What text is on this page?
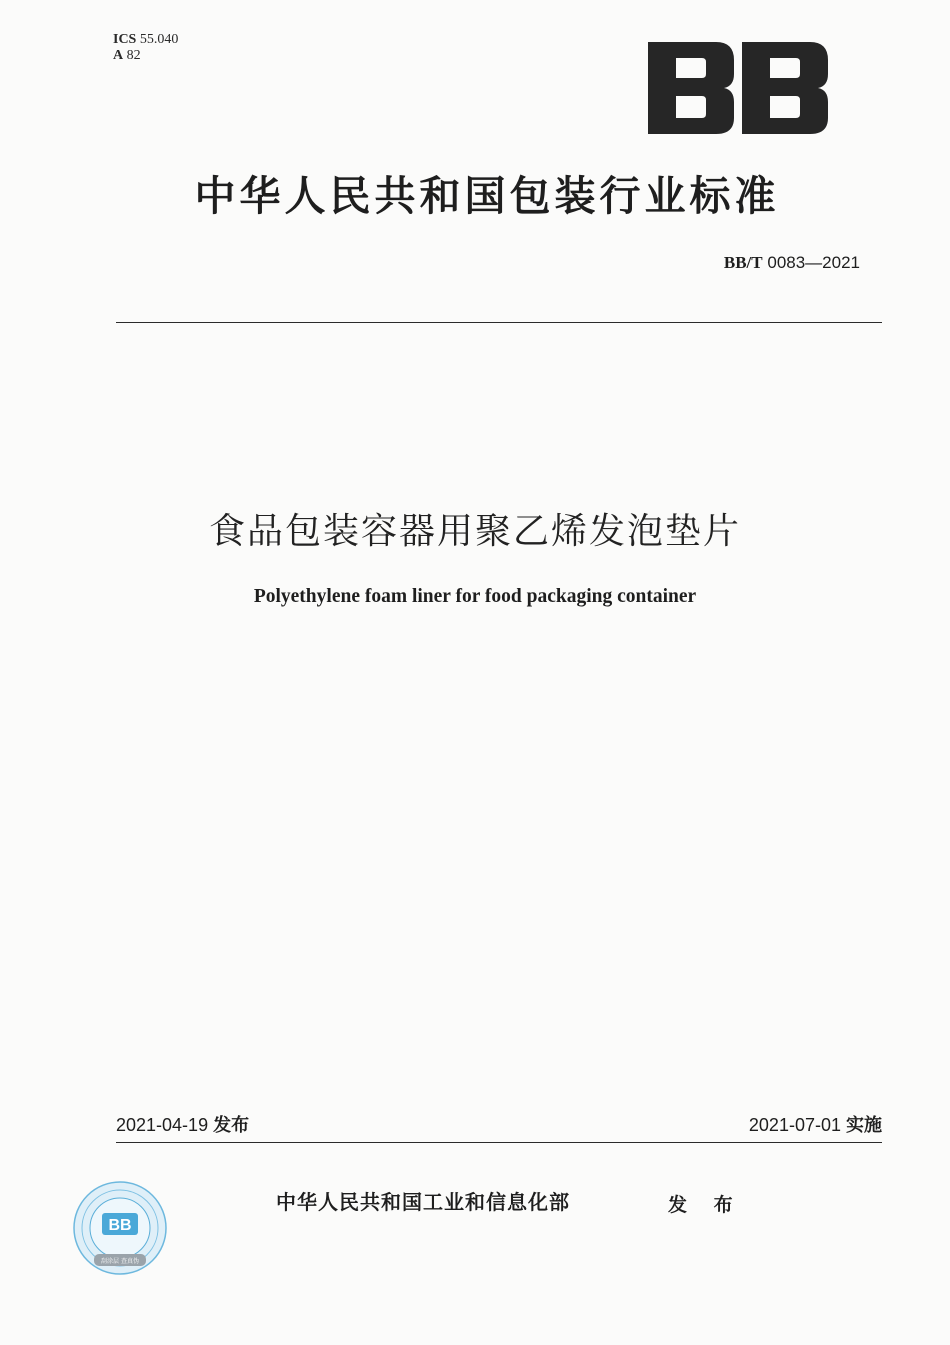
ICS 55.040
A 82
中华人民共和国包装行业标准
BB/T 0083—2021
食品包装容器用聚乙烯发泡垫片
Polyethylene foam liner for food packaging container
2021-04-19 发布	2021-07-01 实施
BB
刮涂层 查真伪
中华人民共和国工业和信息化部	发 布
